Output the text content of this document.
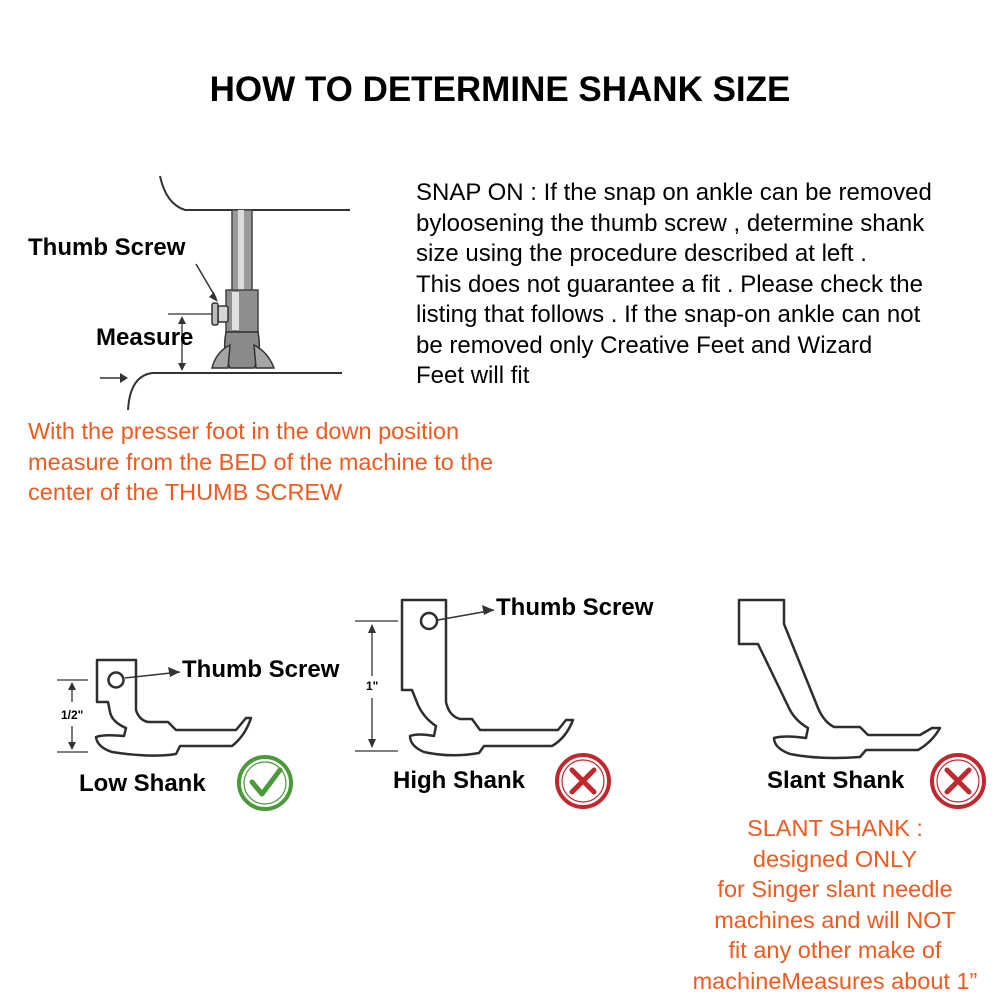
HOW TO DETERMINE SHANK SIZE
Thumb Screw
Measure
SNAP ON : If the snap on ankle can be removed
byloosening the thumb screw , determine shank
size using the procedure described at left .
This does not guarantee a fit . Please check the
listing that follows . If the snap-on ankle can not
be removed only Creative Feet and Wizard
Feet will fit
With the presser foot in the down position
measure from the BED of the machine to the
center of the THUMB SCREW
Thumb Screw
Thumb Screw
1/2"
1"
Low Shank	High Shank	Slant Shank
SLANT SHANK :
designed ONLY
for Singer slant needle
machines and will NOT
fit any other make of
machineMeasures about 1”
